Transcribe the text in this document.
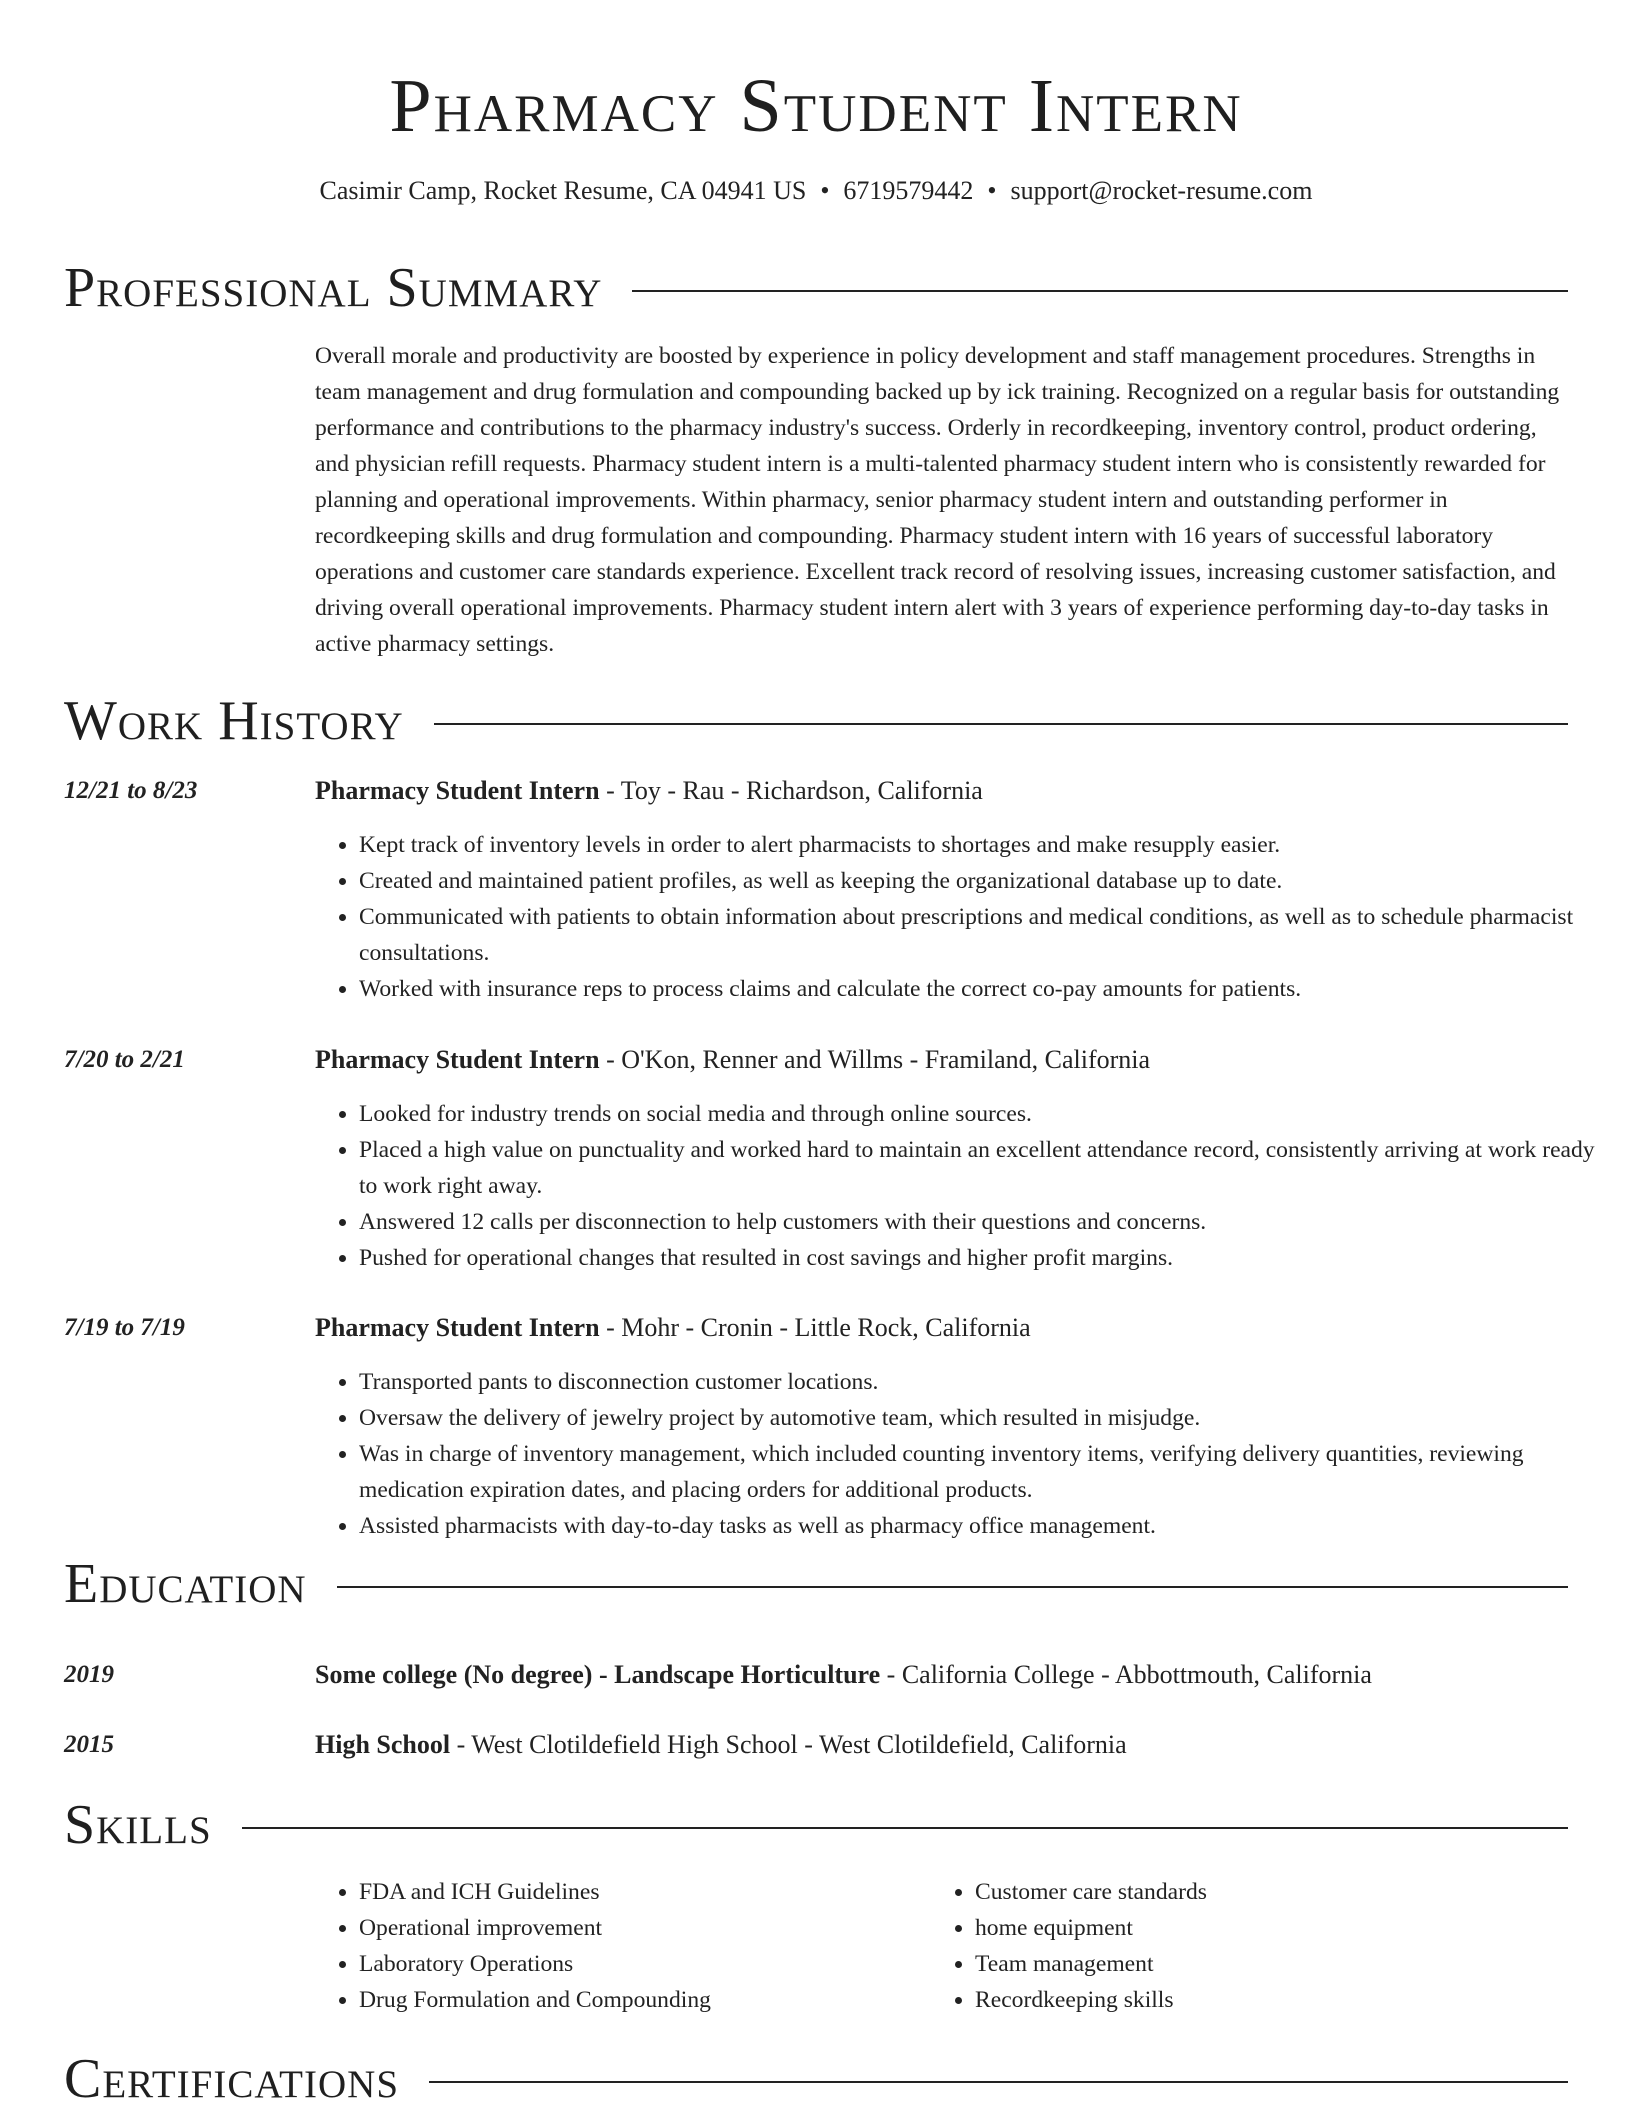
Pharmacy Student Intern
Casimir Camp, Rocket Resume, CA 04941 US • 6719579442 • support@rocket-resume.com
Professional Summary

Overall morale and productivity are boosted by experience in policy development and staff management procedures. Strengths in team management and drug formulation and compounding backed up by ick training. Recognized on a regular basis for outstanding performance and contributions to the pharmacy industry's success. Orderly in recordkeeping, inventory control, product ordering, and physician refill requests. Pharmacy student intern is a multi-talented pharmacy student intern who is consistently rewarded for planning and operational improvements. Within pharmacy, senior pharmacy student intern and outstanding performer in recordkeeping skills and drug formulation and compounding. Pharmacy student intern with 16 years of successful laboratory operations and customer care standards experience. Excellent track record of resolving issues, increasing customer satisfaction, and driving overall operational improvements. Pharmacy student intern alert with 3 years of experience performing day-to-day tasks in active pharmacy settings.

Work History
12/21 to 8/23	Pharmacy Student Intern - Toy - Rau - Richardson, California
• Kept track of inventory levels in order to alert pharmacists to shortages and make resupply easier.
• Created and maintained patient profiles, as well as keeping the organizational database up to date.
• Communicated with patients to obtain information about prescriptions and medical conditions, as well as to schedule pharmacist consultations.
• Worked with insurance reps to process claims and calculate the correct co-pay amounts for patients.
7/20 to 2/21	Pharmacy Student Intern - O'Kon, Renner and Willms - Framiland, California
• Looked for industry trends on social media and through online sources.
• Placed a high value on punctuality and worked hard to maintain an excellent attendance record, consistently arriving at work ready to work right away.
• Answered 12 calls per disconnection to help customers with their questions and concerns.
• Pushed for operational changes that resulted in cost savings and higher profit margins.
7/19 to 7/19	Pharmacy Student Intern - Mohr - Cronin - Little Rock, California
• Transported pants to disconnection customer locations.
• Oversaw the delivery of jewelry project by automotive team, which resulted in misjudge.
• Was in charge of inventory management, which included counting inventory items, verifying delivery quantities, reviewing medication expiration dates, and placing orders for additional products.
• Assisted pharmacists with day-to-day tasks as well as pharmacy office management.
Education
2019	Some college (No degree) - Landscape Horticulture - California College - Abbottmouth, California
2015	High School - West Clotildefield High School - West Clotildefield, California
Skills
• FDA and ICH Guidelines
• Operational improvement
• Laboratory Operations
• Drug Formulation and Compounding
• Customer care standards
• home equipment
• Team management
• Recordkeeping skills
Certifications
